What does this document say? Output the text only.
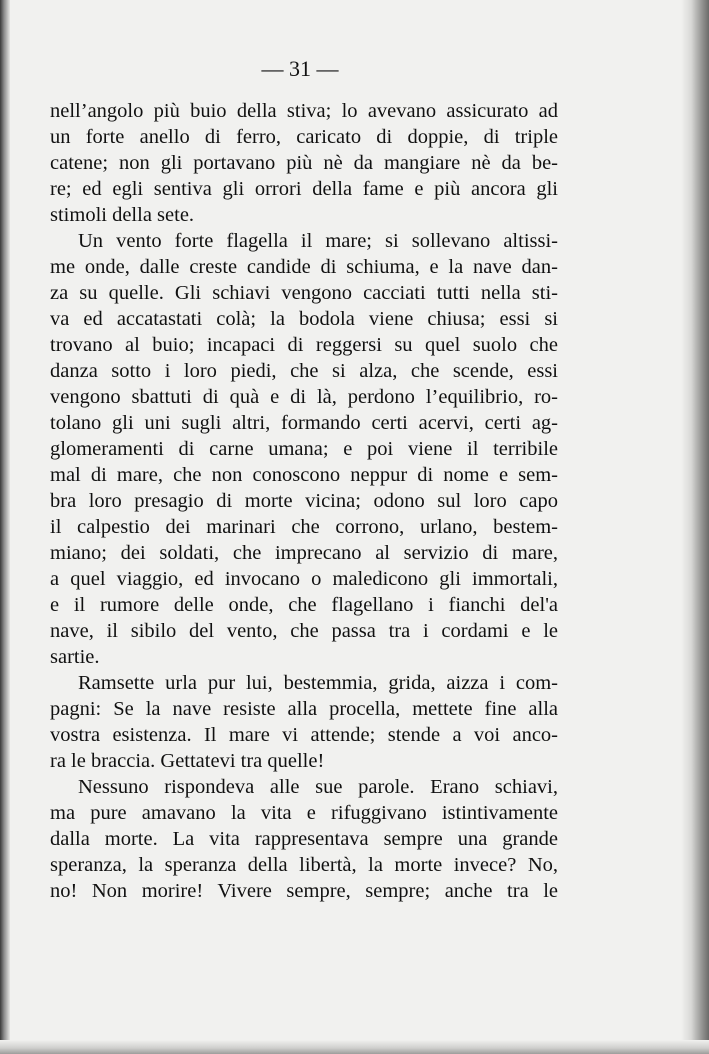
— 31 —
nell’angolo più buio della stiva; lo avevano assicurato ad
un forte anello di ferro, caricato di doppie, di triple
catene; non gli portavano più nè da mangiare nè da be-
re; ed egli sentiva gli orrori della fame e più ancora gli
stimoli della sete.
Un vento forte flagella il mare; si sollevano altissi-
me onde, dalle creste candide di schiuma, e la nave dan-
za su quelle. Gli schiavi vengono cacciati tutti nella sti-
va ed accatastati colà; la bodola viene chiusa; essi si
trovano al buio; incapaci di reggersi su quel suolo che
danza sotto i loro piedi, che si alza, che scende, essi
vengono sbattuti di quà e di là, perdono l’equilibrio, ro-
tolano gli uni sugli altri, formando certi acervi, certi ag-
glomeramenti di carne umana; e poi viene il terribile
mal di mare, che non conoscono neppur di nome e sem-
bra loro presagio di morte vicina; odono sul loro capo
il calpestio dei marinari che corrono, urlano, bestem-
miano; dei soldati, che imprecano al servizio di mare,
a quel viaggio, ed invocano o maledicono gli immortali,
e il rumore delle onde, che flagellano i fianchi del'a
nave, il sibilo del vento, che passa tra i cordami e le
sartie.
Ramsette urla pur lui, bestemmia, grida, aizza i com-
pagni: Se la nave resiste alla procella, mettete fine alla
vostra esistenza. Il mare vi attende; stende a voi anco-
ra le braccia. Gettatevi tra quelle!
Nessuno rispondeva alle sue parole. Erano schiavi,
ma pure amavano la vita e rifuggivano istintivamente
dalla morte. La vita rappresentava sempre una grande
speranza, la speranza della libertà, la morte invece? No,
no! Non morire! Vivere sempre, sempre; anche tra le
